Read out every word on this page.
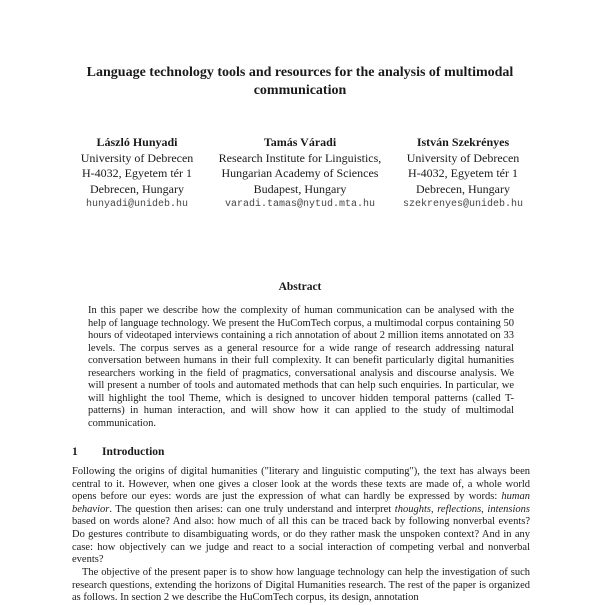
Language technology tools and resources for the analysis of multimodal communication
László Hunyadi
University of Debrecen
H-4032, Egyetem tér 1
Debrecen, Hungary
hunyadi@unideb.hu
Tamás Váradi
Research Institute for Linguistics,
Hungarian Academy of Sciences
Budapest, Hungary
varadi.tamas@nytud.mta.hu
István Szekrényes
University of Debrecen
H-4032, Egyetem tér 1
Debrecen, Hungary
szekrenyes@unideb.hu
Abstract
In this paper we describe how the complexity of human communication can be analysed with the help of language technology. We present the HuComTech corpus, a multimodal corpus containing 50 hours of videotaped interviews containing a rich annotation of about 2 million items annotated on 33 levels. The corpus serves as a general resource for a wide range of research addressing natural conversation between humans in their full complexity. It can benefit particularly digital humanities researchers working in the field of pragmatics, conversational analysis and discourse analysis. We will present a number of tools and automated methods that can help such enquiries. In particular, we will highlight the tool Theme, which is designed to uncover hidden temporal patterns (called T-patterns) in human interaction, and will show how it can applied to the study of multimodal communication.
1 Introduction

Following the origins of digital humanities ("literary and linguistic computing"), the text has always been central to it. However, when one gives a closer look at the words these texts are made of, a whole world opens before our eyes: words are just the expression of what can hardly be expressed by words: human behavior. The question then arises: can one truly understand and interpret thoughts, reflections, intensions based on words alone? And also: how much of all this can be traced back by following nonverbal events? Do gestures contribute to disambiguating words, or do they rather mask the unspoken context? And in any case: how objectively can we judge and react to a social interaction of competing verbal and nonverbal events?

The objective of the present paper is to show how language technology can help the investigation of such research questions, extending the horizons of Digital Humanities research. The rest of the paper is organized as follows. In section 2 we describe the HuComTech corpus, its design, annotation
